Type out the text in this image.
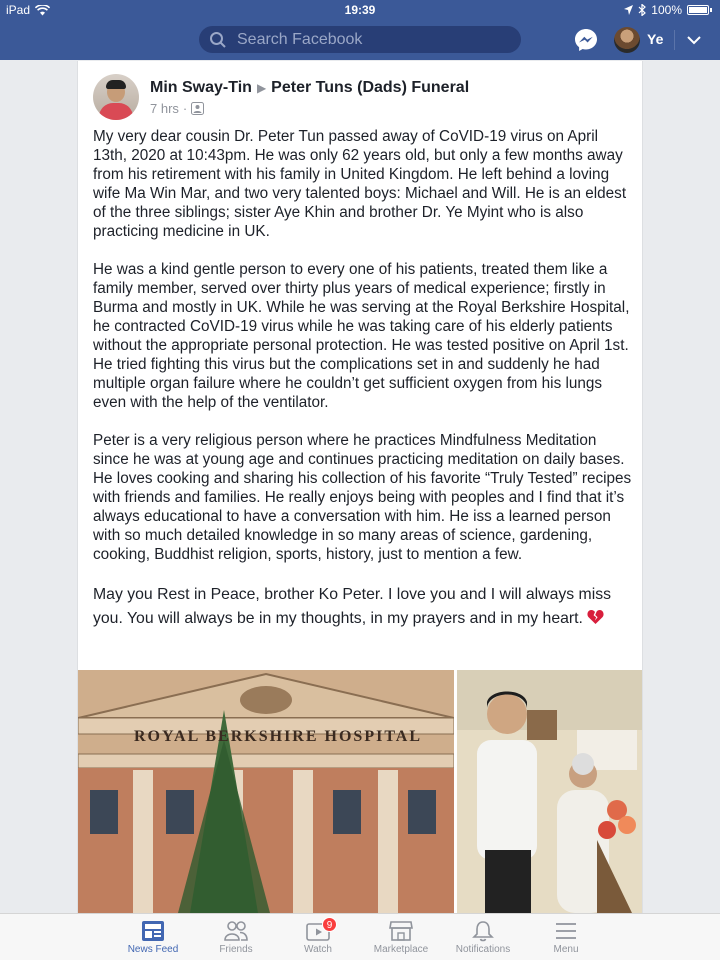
iPad	19:39	100%
Search Facebook	Ye
Min Sway-Tin ▶ Peter Tuns (Dads) Funeral
7 hrs ·

My very dear cousin Dr. Peter Tun passed away of CoVID-19 virus on April 13th, 2020 at 10:43pm. He was only 62 years old, but only a few months away from his retirement with his family in United Kingdom. He left behind a loving wife Ma Win Mar, and two very talented boys: Michael and Will. He is an eldest of the three siblings; sister Aye Khin and brother Dr. Ye Myint who is also practicing medicine in UK.

He was a kind gentle person to every one of his patients, treated them like a family member, served over thirty plus years of medical experience; firstly in Burma and mostly in UK. While he was serving at the Royal Berkshire Hospital, he contracted CoVID-19 virus while he was taking care of his elderly patients without the appropriate personal protection. He was tested positive on April 1st. He tried fighting this virus but the complications set in and suddenly he had multiple organ failure where he couldn’t get sufficient oxygen from his lungs even with the help of the ventilator.

Peter is a very religious person where he practices Mindfulness Meditation since he was at young age and continues practicing meditation on daily bases. He loves cooking and sharing his collection of his favorite “Truly Tested” recipes with friends and families. He really enjoys being with peoples and I find that it’s always educational to have a conversation with him. He iss a learned person with so much detailed knowledge in so many areas of science, gardening, cooking, Buddhist religion, sports, history, just to mention a few.

May you Rest in Peace, brother Ko Peter. I love you and I will always miss you. You will always be in my thoughts, in my prayers and in my heart.

ROYAL BERKSHIRE HOSPITAL
News Feed	Friends
9
Watch	Marketplace	Notifications	Menu
